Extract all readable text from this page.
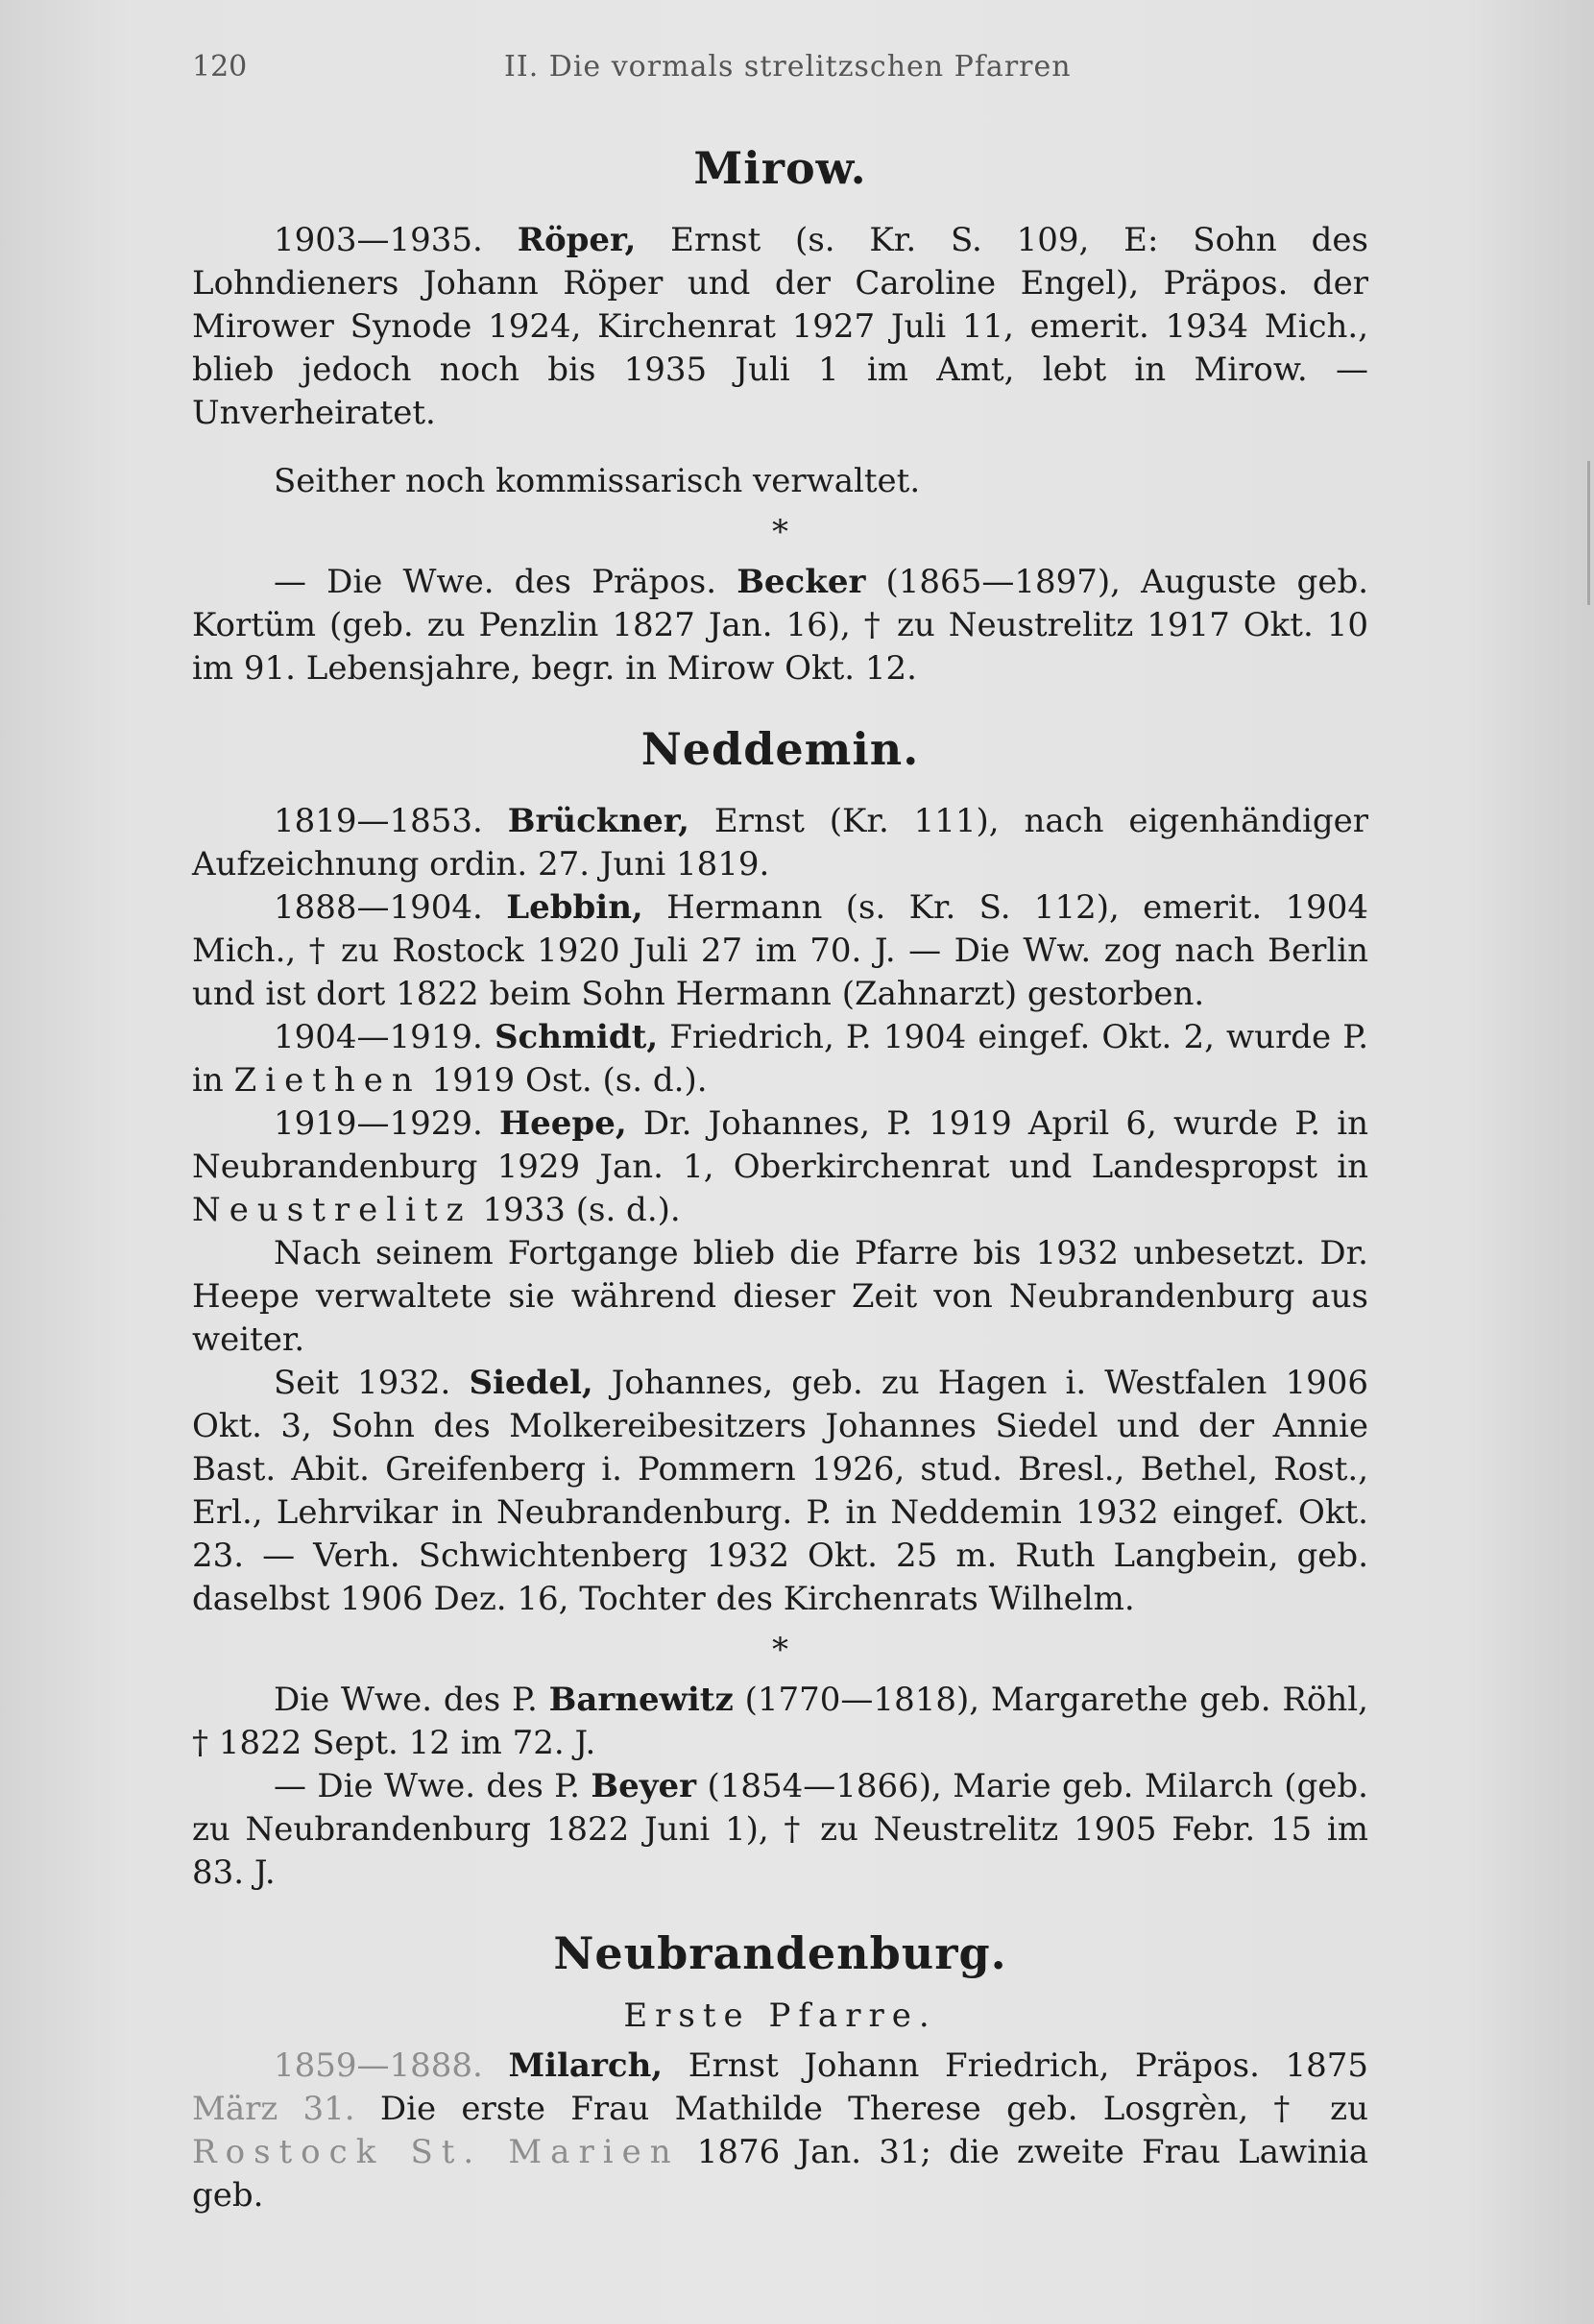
120	II. Die vormals strelitzschen Pfarren
Mirow.

1903—1935. Röper, Ernst (s. Kr. S. 109, E: Sohn des Lohndieners Johann Röper und der Caroline Engel), Präpos. der Mirower Synode 1924, Kirchenrat 1927 Juli 11, emerit. 1934 Mich., blieb jedoch noch bis 1935 Juli 1 im Amt, lebt in Mirow. — Unverheiratet.

Seither noch kommissarisch verwaltet.

*

— Die Wwe. des Präpos. Becker (1865—1897), Auguste geb. Kortüm (geb. zu Penzlin 1827 Jan. 16), † zu Neustrelitz 1917 Okt. 10 im 91. Lebensjahre, begr. in Mirow Okt. 12.

Neddemin.

1819—1853. Brückner, Ernst (Kr. 111), nach eigenhändiger Aufzeichnung ordin. 27. Juni 1819.

1888—1904. Lebbin, Hermann (s. Kr. S. 112), emerit. 1904 Mich., † zu Rostock 1920 Juli 27 im 70. J. — Die Ww. zog nach Berlin und ist dort 1822 beim Sohn Hermann (Zahnarzt) gestorben.

1904—1919. Schmidt, Friedrich, P. 1904 eingef. Okt. 2, wurde P. in Ziethen 1919 Ost. (s. d.).

1919—1929. Heepe, Dr. Johannes, P. 1919 April 6, wurde P. in Neubrandenburg 1929 Jan. 1, Oberkirchenrat und Landespropst in Neustrelitz 1933 (s. d.).

Nach seinem Fortgange blieb die Pfarre bis 1932 unbesetzt. Dr. Heepe verwaltete sie während dieser Zeit von Neubrandenburg aus weiter.

Seit 1932. Siedel, Johannes, geb. zu Hagen i. Westfalen 1906 Okt. 3, Sohn des Molkereibesitzers Johannes Siedel und der Annie Bast. Abit. Greifenberg i. Pommern 1926, stud. Bresl., Bethel, Rost., Erl., Lehrvikar in Neubrandenburg. P. in Neddemin 1932 eingef. Okt. 23. — Verh. Schwichtenberg 1932 Okt. 25 m. Ruth Langbein, geb. daselbst 1906 Dez. 16, Tochter des Kirchenrats Wilhelm.

*

Die Wwe. des P. Barnewitz (1770—1818), Margarethe geb. Röhl, † 1822 Sept. 12 im 72. J.

— Die Wwe. des P. Beyer (1854—1866), Marie geb. Milarch (geb. zu Neubrandenburg 1822 Juni 1), † zu Neustrelitz 1905 Febr. 15 im 83. J.

Neubrandenburg.
Erste Pfarre.

1859—1888. Milarch, Ernst Johann Friedrich, Präpos. 1875 März 31. Die erste Frau Mathilde Therese geb. Losgrèn, † zu Rostock St. Marien 1876 Jan. 31; die zweite Frau Lawinia geb.
